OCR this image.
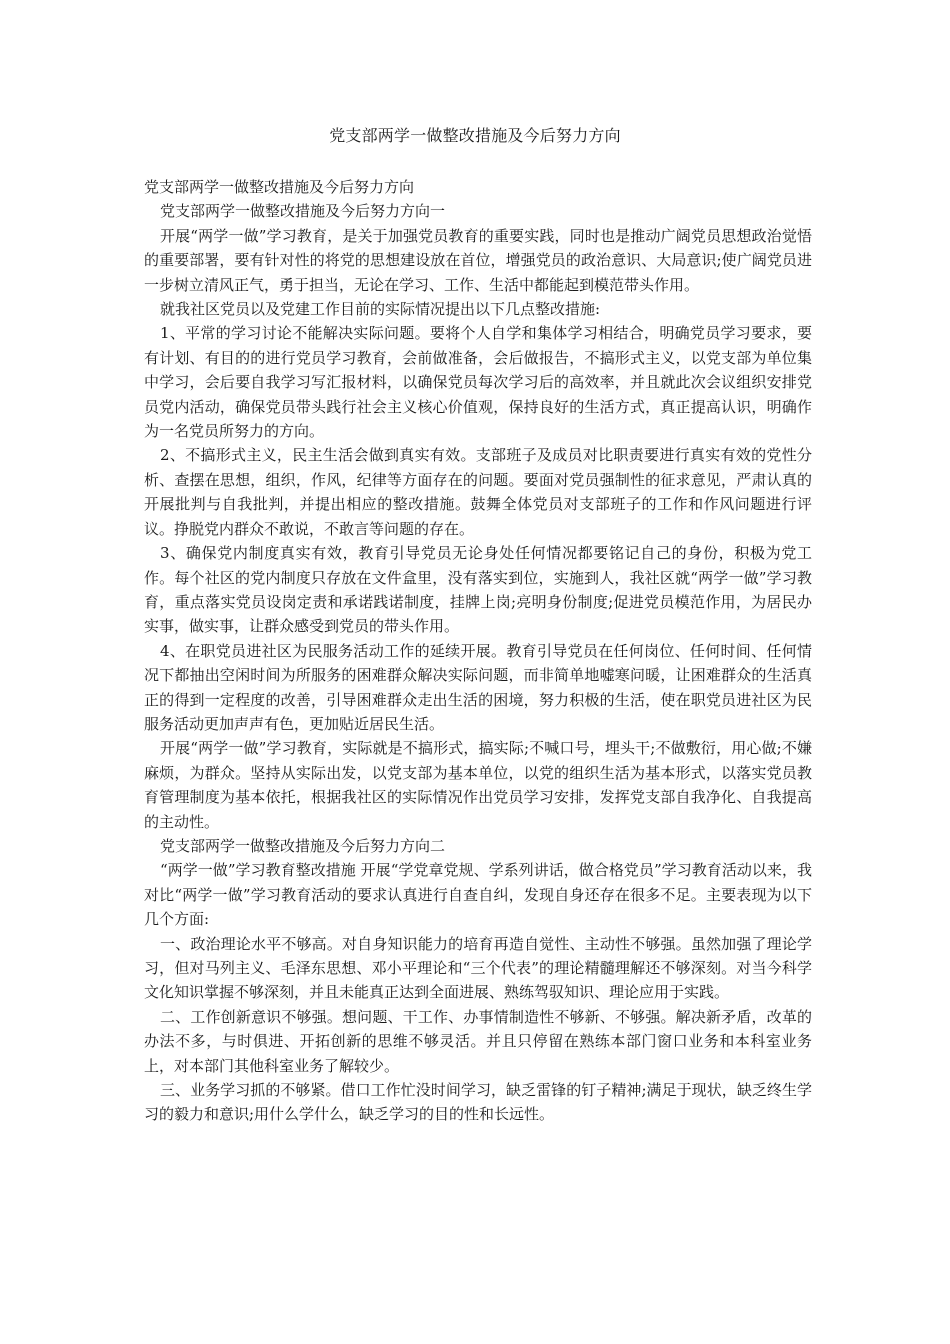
党支部两学一做整改措施及今后努力方向

党支部两学一做整改措施及今后努力方向

党支部两学一做整改措施及今后努力方向一

开展“两学一做”学习教育，是关于加强党员教育的重要实践，同时也是推动广阔党员思想政治觉悟的重要部署，要有针对性的将党的思想建设放在首位，增强党员的政治意识、大局意识;使广阔党员进一步树立清风正气，勇于担当，无论在学习、工作、生活中都能起到模范带头作用。

就我社区党员以及党建工作目前的实际情况提出以下几点整改措施:

1、平常的学习讨论不能解决实际问题。要将个人自学和集体学习相结合，明确党员学习要求，要有计划、有目的的进行党员学习教育，会前做准备，会后做报告，不搞形式主义，以党支部为单位集中学习，会后要自我学习写汇报材料，以确保党员每次学习后的高效率，并且就此次会议组织安排党员党内活动，确保党员带头践行社会主义核心价值观，保持良好的生活方式，真正提高认识，明确作为一名党员所努力的方向。

2、不搞形式主义，民主生活会做到真实有效。支部班子及成员对比职责要进行真实有效的党性分析、查摆在思想，组织，作风，纪律等方面存在的问题。要面对党员强制性的征求意见，严肃认真的开展批判与自我批判，并提出相应的整改措施。鼓舞全体党员对支部班子的工作和作风问题进行评议。挣脱党内群众不敢说，不敢言等问题的存在。

3、确保党内制度真实有效，教育引导党员无论身处任何情况都要铭记自己的身份，积极为党工作。每个社区的党内制度只存放在文件盒里，没有落实到位，实施到人，我社区就“两学一做”学习教育，重点落实党员设岗定责和承诺践诺制度，挂牌上岗;亮明身份制度;促进党员模范作用，为居民办实事，做实事，让群众感受到党员的带头作用。

4、在职党员进社区为民服务活动工作的延续开展。教育引导党员在任何岗位、任何时间、任何情况下都抽出空闲时间为所服务的困难群众解决实际问题，而非简单地嘘寒问暖，让困难群众的生活真正的得到一定程度的改善，引导困难群众走出生活的困境，努力积极的生活，使在职党员进社区为民服务活动更加声声有色，更加贴近居民生活。

开展“两学一做”学习教育，实际就是不搞形式，搞实际;不喊口号，埋头干;不做敷衍，用心做;不嫌麻烦，为群众。坚持从实际出发，以党支部为基本单位，以党的组织生活为基本形式，以落实党员教育管理制度为基本依托，根据我社区的实际情况作出党员学习安排，发挥党支部自我净化、自我提高的主动性。

党支部两学一做整改措施及今后努力方向二

“两学一做”学习教育整改措施 开展“学党章党规、学系列讲话，做合格党员”学习教育活动以来，我对比“两学一做”学习教育活动的要求认真进行自查自纠，发现自身还存在很多不足。主要表现为以下几个方面:

一、政治理论水平不够高。对自身知识能力的培育再造自觉性、主动性不够强。虽然加强了理论学习，但对马列主义、毛泽东思想、邓小平理论和“三个代表”的理论精髓理解还不够深刻。对当今科学文化知识掌握不够深刻，并且未能真正达到全面进展、熟练驾驭知识、理论应用于实践。

二、工作创新意识不够强。想问题、干工作、办事情制造性不够新、不够强。解决新矛盾，改革的办法不多，与时俱进、开拓创新的思维不够灵活。并且只停留在熟练本部门窗口业务和本科室业务上，对本部门其他科室业务了解较少。

三、业务学习抓的不够紧。借口工作忙没时间学习，缺乏雷锋的钉子精神;满足于现状，缺乏终生学习的毅力和意识;用什么学什么，缺乏学习的目的性和长远性。
